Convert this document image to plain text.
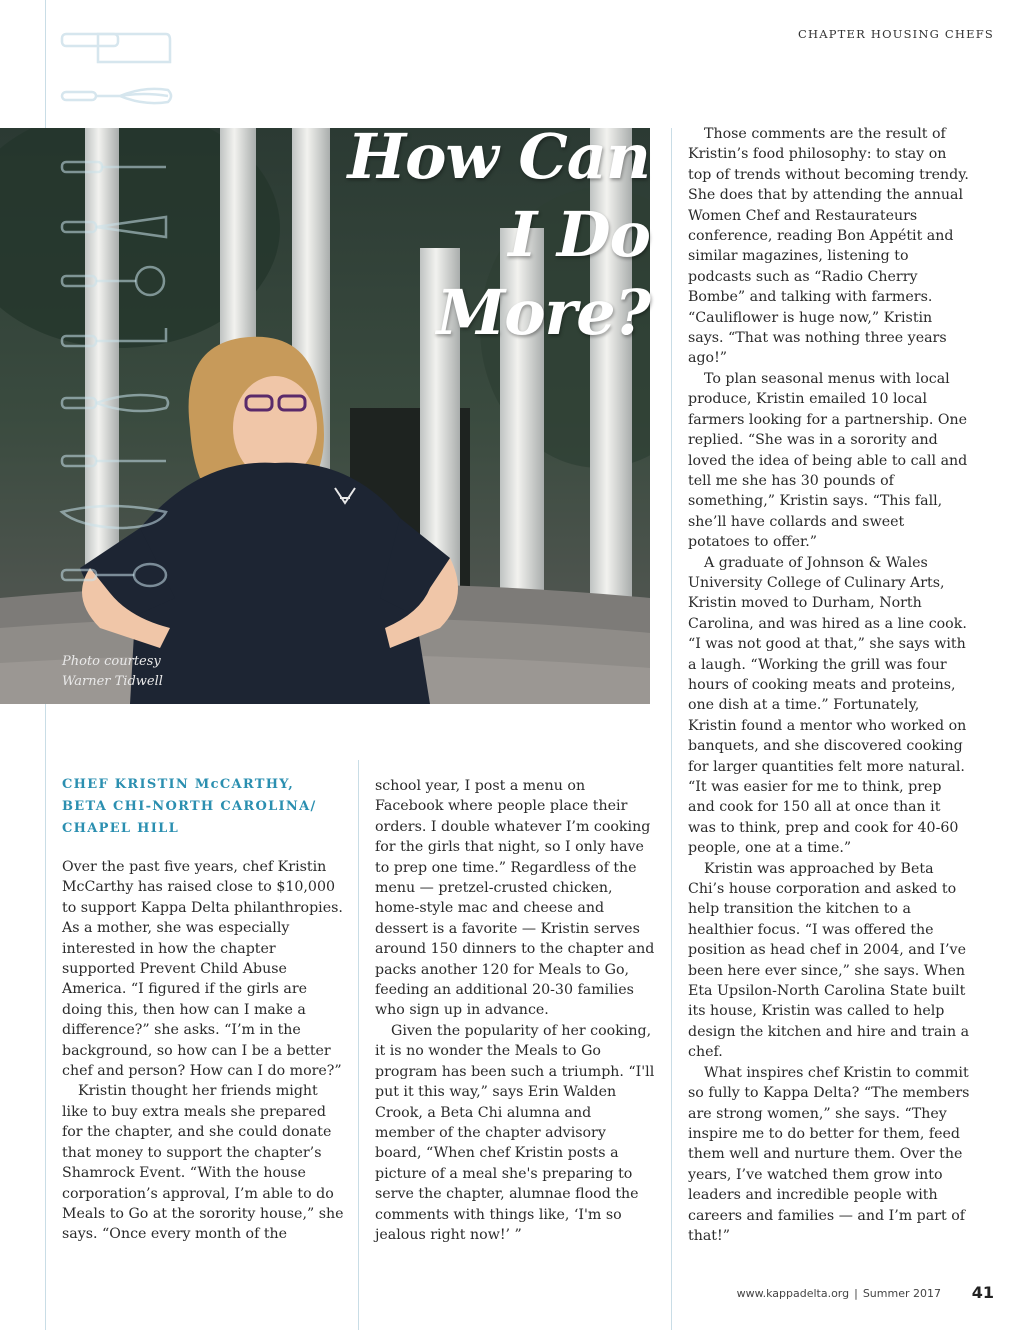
CHAPTER HOUSING CHEFS
How Can
I Do
More?
Photo courtesy
Warner Tidwell
CHEF KRISTIN McCARTHY,
BETA CHI-NORTH CAROLINA/
CHAPEL HILL

Over the past five years, chef Kristin McCarthy has raised close to $10,000 to support Kappa Delta philanthropies. As a mother, she was especially interested in how the chapter supported Prevent Child Abuse America. “I figured if the girls are doing this, then how can I make a difference?” she asks. “I’m in the background, so how can I be a better chef and person? How can I do more?”

Kristin thought her friends might like to buy extra meals she prepared for the chapter, and she could donate that money to support the chapter’s Shamrock Event. “With the house corporation’s approval, I’m able to do Meals to Go at the sorority house,” she says. “Once every month of the

school year, I post a menu on Facebook where people place their orders. I double whatever I’m cooking for the girls that night, so I only have to prep one time.” Regardless of the menu — pretzel-crusted chicken, home-style mac and cheese and dessert is a favorite — Kristin serves around 150 dinners to the chapter and packs another 120 for Meals to Go, feeding an additional 20-30 families who sign up in advance.

Given the popularity of her cooking, it is no wonder the Meals to Go program has been such a triumph. “I'll put it this way,” says Erin Walden Crook, a Beta Chi alumna and member of the chapter advisory board, “When chef Kristin posts a picture of a meal she's preparing to serve the chapter, alumnae flood the comments with things like, ‘I'm so jealous right now!’ ”

Those comments are the result of Kristin’s food philosophy: to stay on top of trends without becoming trendy. She does that by attending the annual Women Chef and Restaurateurs conference, reading Bon Appétit and similar magazines, listening to podcasts such as “Radio Cherry Bombe” and talking with farmers. “Cauliflower is huge now,” Kristin says. “That was nothing three years ago!”

To plan seasonal menus with local produce, Kristin emailed 10 local farmers looking for a partnership. One replied. “She was in a sorority and loved the idea of being able to call and tell me she has 30 pounds of something,” Kristin says. “This fall, she’ll have collards and sweet potatoes to offer.”

A graduate of Johnson & Wales University College of Culinary Arts, Kristin moved to Durham, North Carolina, and was hired as a line cook. “I was not good at that,” she says with a laugh. “Working the grill was four hours of cooking meats and proteins, one dish at a time.” Fortunately, Kristin found a mentor who worked on banquets, and she discovered cooking for larger quantities felt more natural. “It was easier for me to think, prep and cook for 150 all at once than it was to think, prep and cook for 40-60 people, one at a time.”

Kristin was approached by Beta Chi’s house corporation and asked to help transition the kitchen to a healthier focus. “I was offered the position as head chef in 2004, and I’ve been here ever since,” she says. When Eta Upsilon-North Carolina State built its house, Kristin was called to help design the kitchen and hire and train a chef.

What inspires chef Kristin to commit so fully to Kappa Delta? “The members are strong women,” she says. “They inspire me to do better for them, feed them well and nurture them. Over the years, I’ve watched them grow into leaders and incredible people with careers and families — and I’m part of that!”

www.kappadelta.org | Summer 2017 41
